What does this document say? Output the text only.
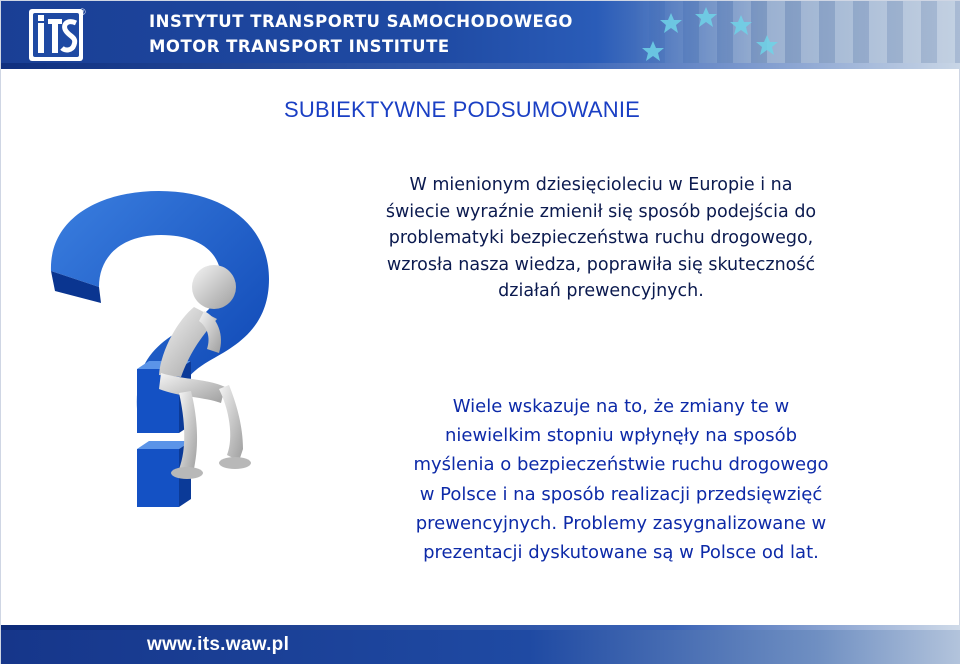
ITS
®	INSTYTUT TRANSPORTU SAMOCHODOWEGO
MOTOR TRANSPORT INSTITUTE
SUBIEKTYWNE PODSUMOWANIE
W mienionym dziesięcioleciu w Europie i na
świecie wyraźnie zmienił się sposób podejścia do
problematyki bezpieczeństwa ruchu drogowego,
wzrosła nasza wiedza, poprawiła się skuteczność
działań prewencyjnych.
Wiele wskazuje na to, że zmiany te w
niewielkim stopniu wpłynęły na sposób
myślenia o bezpieczeństwie ruchu drogowego
w Polsce i na sposób realizacji przedsięwzięć
prewencyjnych. Problemy zasygnalizowane w
prezentacji dyskutowane są w Polsce od lat.
www.its.waw.pl
